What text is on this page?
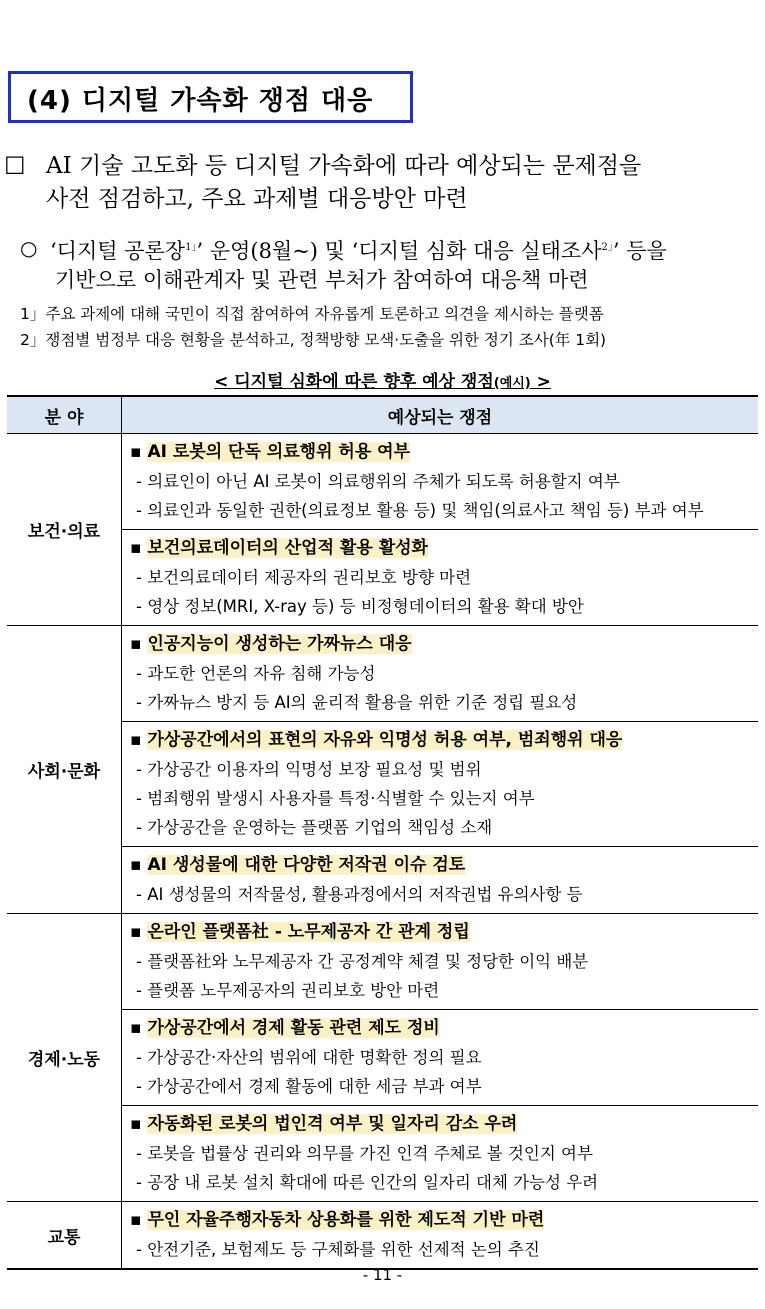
(4) 디지털 가속화 쟁점 대응
☐ AI 기술 고도화 등 디지털 가속화에 따라 예상되는 문제점을
사전 점검하고, 주요 과제별 대응방안 마련
○ ‘디지털 공론장$^{1」}$’ 운영(8월~) 및 ‘디지털 심화 대응 실태조사$^{2」}$’ 등을
기반으로 이해관계자 및 관련 부처가 참여하여 대응책 마련
1」주요 과제에 대해 국민이 직접 참여하여 자유롭게 토론하고 의견을 제시하는 플랫폼
2」쟁점별 범정부 대응 현황을 분석하고, 정책방향 모색·도출을 위한 정기 조사(年 1회)
< 디지털 심화에 따른 향후 예상 쟁점(예시) >
분 야	예상되는 쟁점
보건·의료	▪ AI 로봇의 단독 의료행위 허용 여부
- 의료인이 아닌 AI 로봇이 의료행위의 주체가 되도록 허용할지 여부
- 의료인과 동일한 권한(의료정보 활용 등) 및 책임(의료사고 책임 등) 부과 여부

	▪ 보건의료데이터의 산업적 활용 활성화
- 보건의료데이터 제공자의 권리보호 방향 마련
- 영상 정보(MRI, X-ray 등) 등 비정형데이터의 활용 확대 방안

사회·문화	▪ 인공지능이 생성하는 가짜뉴스 대응
- 과도한 언론의 자유 침해 가능성
- 가짜뉴스 방지 등 AI의 윤리적 활용을 위한 기준 정립 필요성

	▪ 가상공간에서의 표현의 자유와 익명성 허용 여부, 범죄행위 대응
- 가상공간 이용자의 익명성 보장 필요성 및 범위
- 범죄행위 발생시 사용자를 특정·식별할 수 있는지 여부
- 가상공간을 운영하는 플랫폼 기업의 책임성 소재

	▪ AI 생성물에 대한 다양한 저작권 이슈 검토
- AI 생성물의 저작물성, 활용과정에서의 저작권법 유의사항 등

경제·노동	▪ 온라인 플랫폼社 - 노무제공자 간 관계 정립
- 플랫폼社와 노무제공자 간 공정계약 체결 및 정당한 이익 배분
- 플랫폼 노무제공자의 권리보호 방안 마련

	▪ 가상공간에서 경제 활동 관련 제도 정비
- 가상공간·자산의 범위에 대한 명확한 정의 필요
- 가상공간에서 경제 활동에 대한 세금 부과 여부

	▪ 자동화된 로봇의 법인격 여부 및 일자리 감소 우려
- 로봇을 법률상 권리와 의무를 가진 인격 주체로 볼 것인지 여부
- 공장 내 로봇 설치 확대에 따른 인간의 일자리 대체 가능성 우려

교통	▪ 무인 자율주행자동차 상용화를 위한 제도적 기반 마련
- 안전기준, 보험제도 등 구체화를 위한 선제적 논의 추진
- 11 -
